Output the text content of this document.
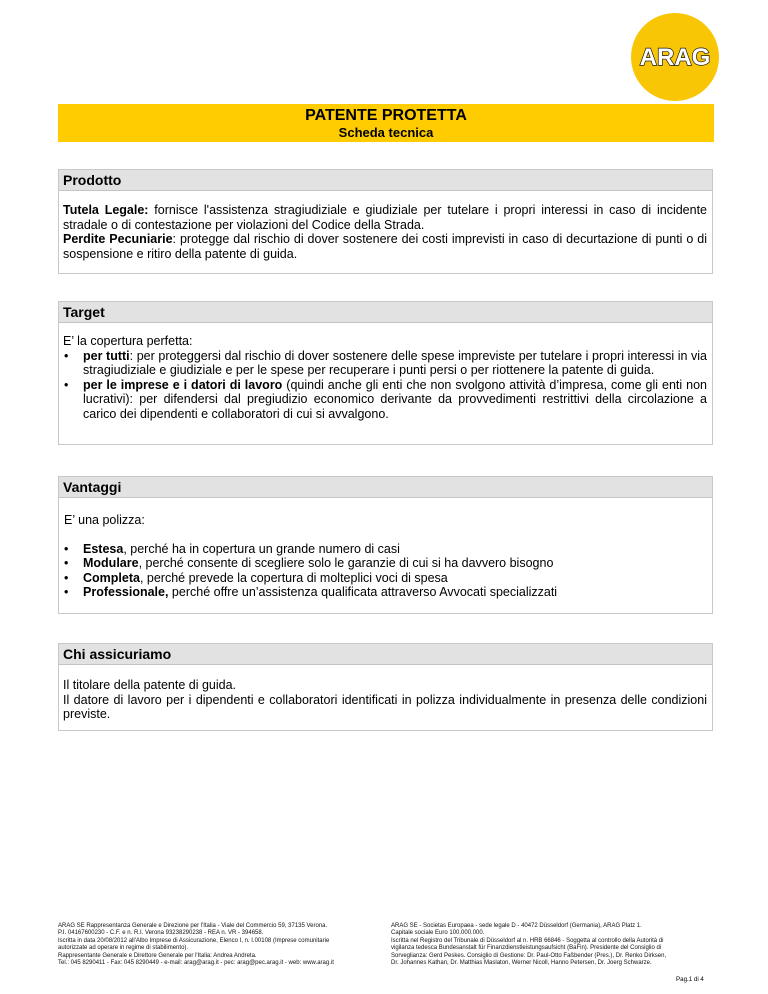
ARAG
PATENTE PROTETTA
Scheda tecnica
Prodotto

Tutela Legale: fornisce l'assistenza stragiudiziale e giudiziale per tutelare i propri interessi in caso di incidente stradale o di contestazione per violazioni del Codice della Strada.

Perdite Pecuniarie: protegge dal rischio di dover sostenere dei costi imprevisti in caso di decurtazione di punti o di sospensione e ritiro della patente di guida.

Target

E’ la copertura perfetta:

• per tutti: per proteggersi dal rischio di dover sostenere delle spese impreviste per tutelare i propri interessi in via stragiudiziale e giudiziale e per le spese per recuperare i punti persi o per riottenere la patente di guida.
• per le imprese e i datori di lavoro (quindi anche gli enti che non svolgono attività d’impresa, come gli enti non lucrativi): per difendersi dal pregiudizio economico derivante da provvedimenti restrittivi della circolazione a carico dei dipendenti e collaboratori di cui si avvalgono.
Vantaggi

E’ una polizza:

• Estesa, perché ha in copertura un grande numero di casi
• Modulare, perché consente di scegliere solo le garanzie di cui si ha davvero bisogno
• Completa, perché prevede la copertura di molteplici voci di spesa
• Professionale, perché offre un’assistenza qualificata attraverso Avvocati specializzati
Chi assicuriamo

Il titolare della patente di guida.

Il datore di lavoro per i dipendenti e collaboratori identificati in polizza individualmente in presenza delle condizioni previste.

ARAG SE Rappresentanza Generale e Direzione per l'Italia - Viale del Commercio 59, 37135 Verona.
P.I. 04167600230 - C.F. e n. R.I. Verona 93238290238 - REA n. VR - 394658.
Iscritta in data 20/08/2012 all'Albo Imprese di Assicurazione, Elenco I, n. I.00108 (Imprese comunitarie
autorizzate ad operare in regime di stabilimento).
Rappresentante Generale e Direttore Generale per l'Italia: Andrea Andreta.
Tel.: 045 8290411 - Fax: 045 8290449 - e-mail: arag@arag.it - pec: arag@pec.arag.it - web: www.arag.it
ARAG SE - Societas Europaea - sede legale D - 40472 Düsseldorf (Germania), ARAG Platz 1.
Capitale sociale Euro 100.000.000.
Iscritta nel Registro del Tribunale di Düsseldorf al n. HRB 66846 - Soggetta al controllo della Autorità di
vigilanza tedesca Bundesanstalt für Finanzdienstleistungsaufsicht (BaFin). Presidente del Consiglio di
Sorveglianza: Gerd Peskes. Consiglio di Gestione: Dr. Paul-Otto Faßbender (Pres.), Dr. Renko Dirksen,
Dr. Johannes Kathan, Dr. Matthias Maslaton, Werner Nicoll, Hanno Petersen, Dr. Joerg Schwarze.
Pag.1 di 4
